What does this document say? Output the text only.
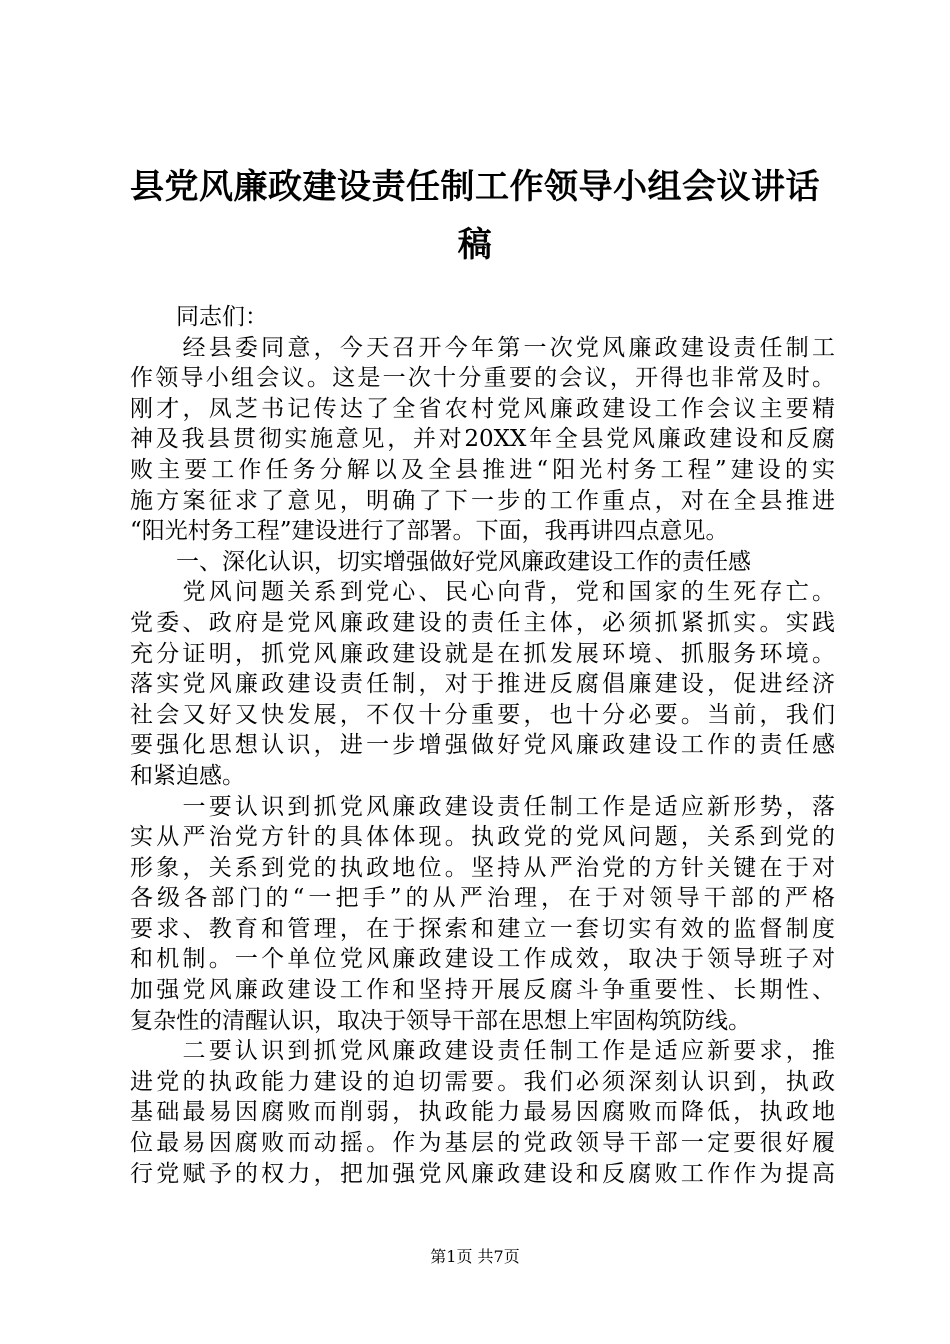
县党风廉政建设责任制工作领导小组会议讲话
稿
　　同志们：
　　经县委同意，今天召开今年第一次党风廉政建设责任制工
作领导小组会议。这是一次十分重要的会议，开得也非常及时。
刚才，凤芝书记传达了全省农村党风廉政建设工作会议主要精
神及我县贯彻实施意见，并对20XX年全县党风廉政建设和反腐
败主要工作任务分解以及全县推进“阳光村务工程”建设的实
施方案征求了意见，明确了下一步的工作重点，对在全县推进
“阳光村务工程”建设进行了部署。下面，我再讲四点意见。
　　一、深化认识，切实增强做好党风廉政建设工作的责任感
　　党风问题关系到党心、民心向背，党和国家的生死存亡。
党委、政府是党风廉政建设的责任主体，必须抓紧抓实。实践
充分证明，抓党风廉政建设就是在抓发展环境、抓服务环境。
落实党风廉政建设责任制，对于推进反腐倡廉建设，促进经济
社会又好又快发展，不仅十分重要，也十分必要。当前，我们
要强化思想认识，进一步增强做好党风廉政建设工作的责任感
和紧迫感。
　　一要认识到抓党风廉政建设责任制工作是适应新形势，落
实从严治党方针的具体体现。执政党的党风问题，关系到党的
形象，关系到党的执政地位。坚持从严治党的方针关键在于对
各级各部门的“一把手”的从严治理，在于对领导干部的严格
要求、教育和管理，在于探索和建立一套切实有效的监督制度
和机制。一个单位党风廉政建设工作成效，取决于领导班子对
加强党风廉政建设工作和坚持开展反腐斗争重要性、长期性、
复杂性的清醒认识，取决于领导干部在思想上牢固构筑防线。
　　二要认识到抓党风廉政建设责任制工作是适应新要求，推
进党的执政能力建设的迫切需要。我们必须深刻认识到，执政
基础最易因腐败而削弱，执政能力最易因腐败而降低，执政地
位最易因腐败而动摇。作为基层的党政领导干部一定要很好履
行党赋予的权力，把加强党风廉政建设和反腐败工作作为提高
第1页 共7页
